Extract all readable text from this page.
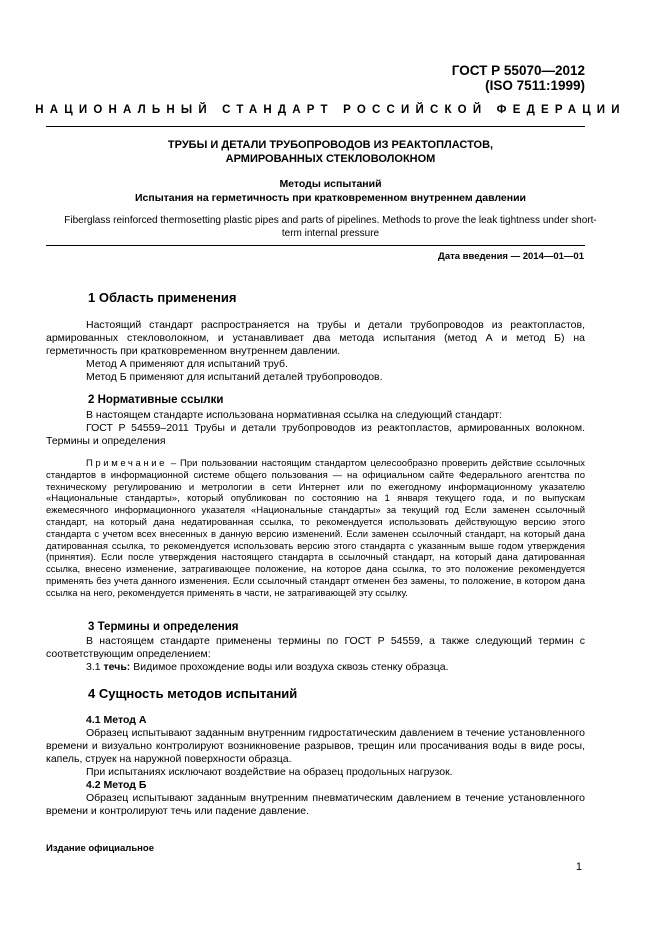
ГОСТ Р 55070—2012
(ISO 7511:1999)
НАЦИОНАЛЬНЫЙ СТАНДАРТ РОССИЙСКОЙ ФЕДЕРАЦИИ
ТРУБЫ И ДЕТАЛИ ТРУБОПРОВОДОВ ИЗ РЕАКТОПЛАСТОВ,
АРМИРОВАННЫХ СТЕКЛОВОЛОКНОМ
Методы испытаний
Испытания на герметичность при кратковременном внутреннем давлении
Fiberglass reinforced thermosetting plastic pipes and parts of pipelines. Methods to prove the leak tightness under short-term internal pressure
Дата введения — 2014—01—01
1 Область применения

Настоящий стандарт распространяется на трубы и детали трубопроводов из реактопластов, армированных стекловолокном, и устанавливает два метода испытания (метод А и метод Б) на герметичность при кратковременном внутреннем давлении.

Метод А применяют для испытаний труб.

Метод Б применяют для испытаний деталей трубопроводов.

2 Нормативные ссылки

В настоящем стандарте использована нормативная ссылка на следующий стандарт:

ГОСТ Р 54559–2011 Трубы и детали трубопроводов из реактопластов, армированных волокном. Термины и определения

Примечание – При пользовании настоящим стандартом целесообразно проверить действие ссылочных стандартов в информационной системе общего пользования — на официальном сайте Федерального агентства по техническому регулированию и метрологии в сети Интернет или по ежегодному информационному указателю «Национальные стандарты», который опубликован по состоянию на 1 января текущего года, и по выпускам ежемесячного информационного указателя «Национальные стандарты» за текущий год Если заменен ссылочный стандарт, на который дана недатированная ссылка, то рекомендуется использовать действующую версию этого стандарта с учетом всех внесенных в данную версию изменений. Если заменен ссылочный стандарт, на который дана датированная ссылка, то рекомендуется использовать версию этого стандарта с указанным выше годом утверждения (принятия). Если после утверждения настоящего стандарта в ссылочный стандарт, на который дана датированная ссылка, внесено изменение, затрагивающее положение, на которое дана ссылка, то это положение рекомендуется применять без учета данного изменения. Если ссылочный стандарт отменен без замены, то положение, в котором дана ссылка на него, рекомендуется применять в части, не затрагивающей эту ссылку.

3 Термины и определения

В настоящем стандарте применены термины по ГОСТ Р 54559, а также следующий термин с соответствующим определением:

3.1 течь: Видимое прохождение воды или воздуха сквозь стенку образца.

4 Сущность методов испытаний

4.1 Метод А

Образец испытывают заданным внутренним гидростатическим давлением в течение установленного времени и визуально контролируют возникновение разрывов, трещин или просачивания воды в виде росы, капель, струек на наружной поверхности образца.

При испытаниях исключают воздействие на образец продольных нагрузок.

4.2 Метод Б

Образец испытывают заданным внутренним пневматическим давлением в течение установленного времени и контролируют течь или падение давление.

Издание официальное
1
